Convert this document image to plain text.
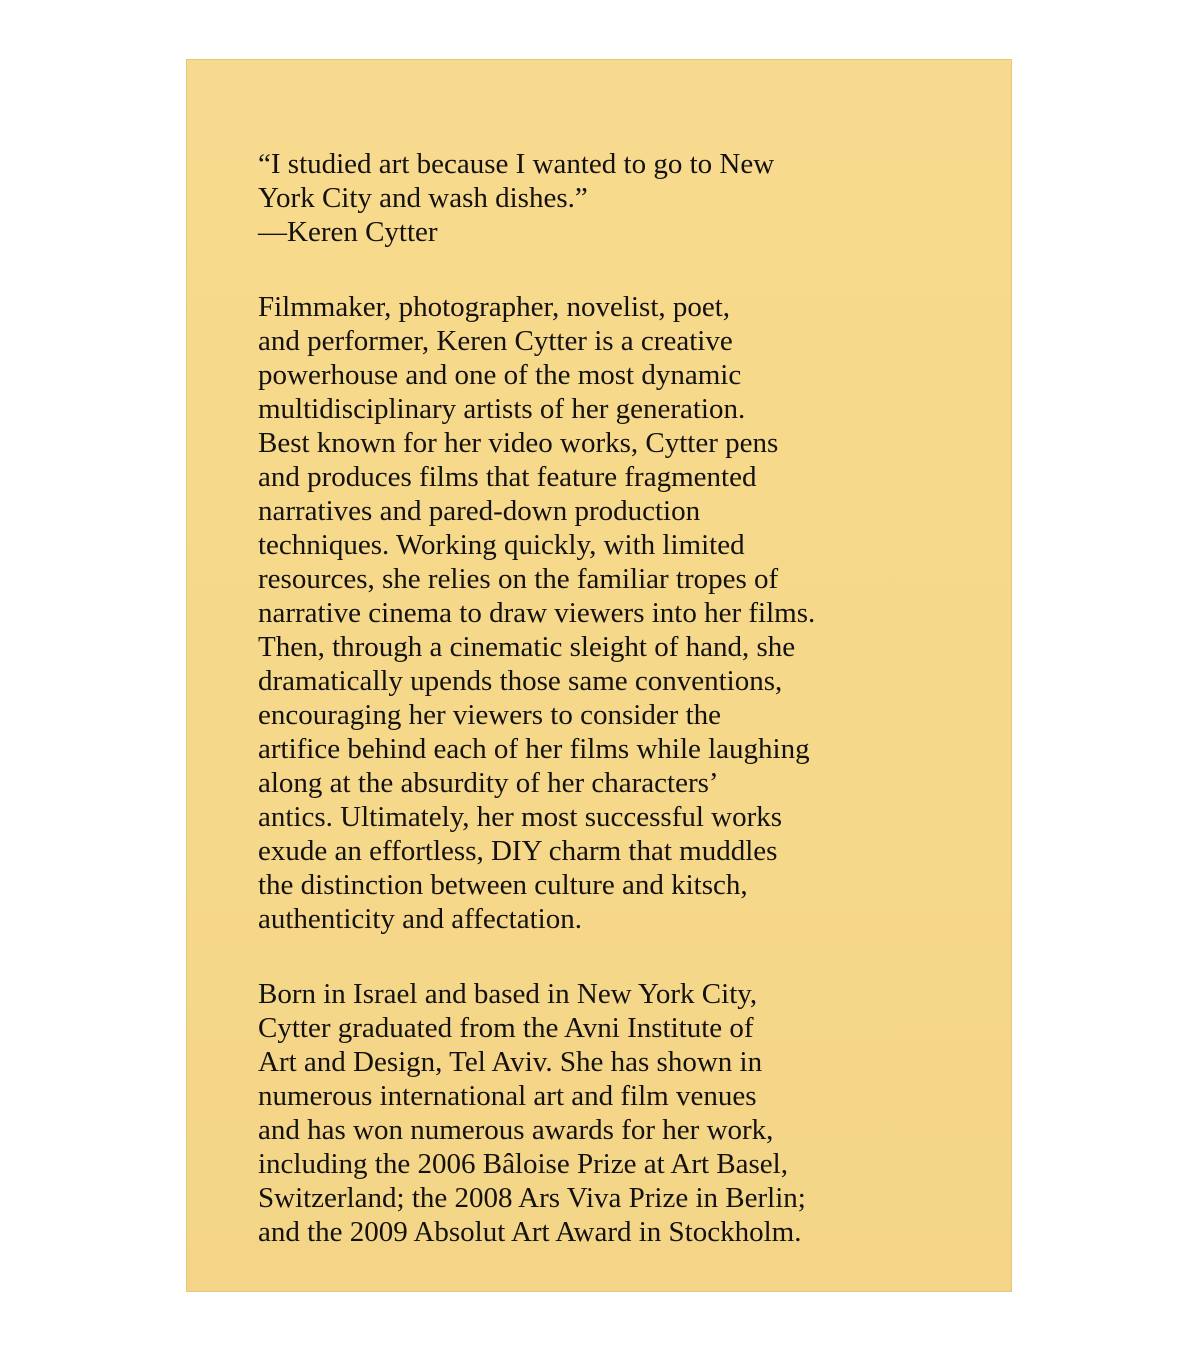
“I studied art because I wanted to go to New
York City and wash dishes.”
—Keren Cytter
Filmmaker, photographer, novelist, poet,
and performer, Keren Cytter is a creative
powerhouse and one of the most dynamic
multidisciplinary artists of her generation.
Best known for her video works, Cytter pens
and produces films that feature fragmented
narratives and pared-down production
techniques. Working quickly, with limited
resources, she relies on the familiar tropes of
narrative cinema to draw viewers into her films.
Then, through a cinematic sleight of hand, she
dramatically upends those same conventions,
encouraging her viewers to consider the
artifice behind each of her films while laughing
along at the absurdity of her characters’
antics. Ultimately, her most successful works
exude an effortless, DIY charm that muddles
the distinction between culture and kitsch,
authenticity and affectation.
Born in Israel and based in New York City,
Cytter graduated from the Avni Institute of
Art and Design, Tel Aviv. She has shown in
numerous international art and film venues
and has won numerous awards for her work,
including the 2006 Bâloise Prize at Art Basel,
Switzerland; the 2008 Ars Viva Prize in Berlin;
and the 2009 Absolut Art Award in Stockholm.
